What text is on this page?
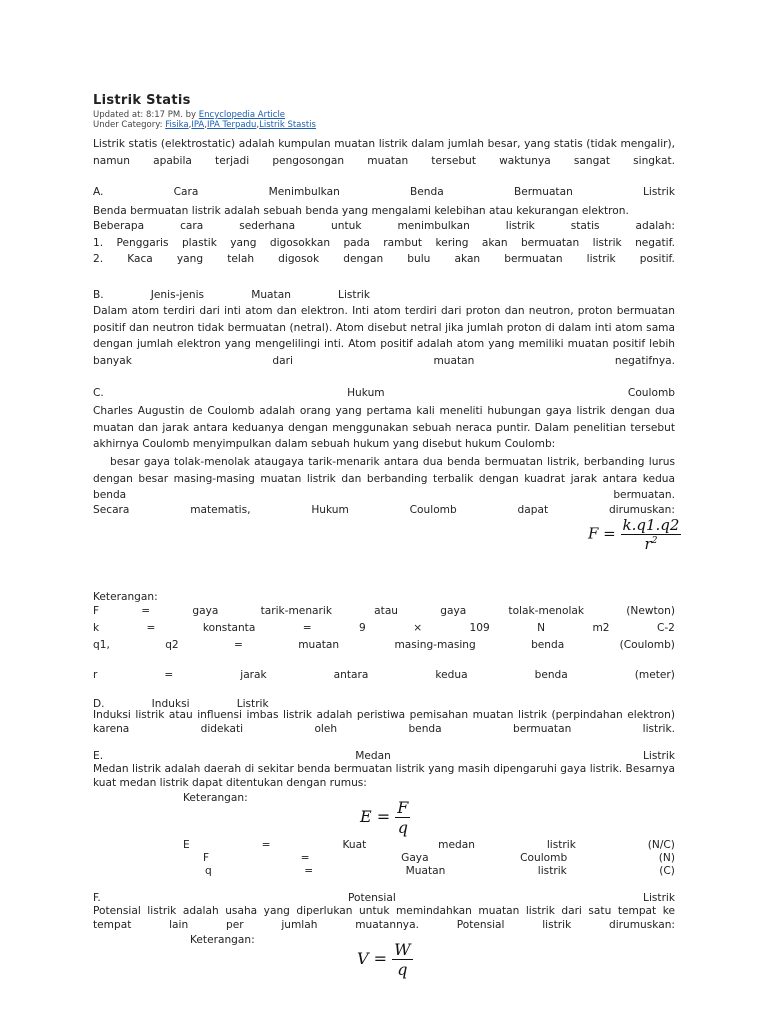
Listrik Statis
Updated at: 8:17 PM. by Encyclopedia Article
Under Category: Fisika,IPA,IPA Terpadu,Listrik Stastis
Listrik statis (elektrostatic) adalah kumpulan muatan listrik dalam jumlah besar, yang statis (tidak mengalir), namun apabila terjadi pengosongan muatan tersebut waktunya sangat singkat.
A.	Cara	Menimbulkan	Benda	Bermuatan	Listrik
Benda bermuatan listrik adalah sebuah benda yang mengalami kelebihan atau kekurangan elektron.
Beberapa	cara	sederhana	untuk	menimbulkan	listrik	statis	adalah:
1. Penggaris plastik yang digosokkan pada rambut kering akan bermuatan listrik negatif.
2. Kaca yang telah digosok dengan bulu akan bermuatan listrik positif.
B.              Jenis-jenis              Muatan              Listrik
Dalam atom terdiri dari inti atom dan elektron. Inti atom terdiri dari proton dan neutron, proton bermuatan positif dan neutron tidak bermuatan (netral). Atom disebut netral jika jumlah proton di dalam inti atom sama dengan jumlah elektron yang mengelilingi inti. Atom positif adalah atom yang memiliki muatan positif lebih banyak dari muatan negatifnya.
C.	Hukum	Coulomb
Charles Augustin de Coulomb adalah orang yang pertama kali meneliti hubungan gaya listrik dengan dua muatan dan jarak antara keduanya dengan menggunakan sebuah neraca puntir. Dalam penelitian tersebut akhirnya Coulomb menyimpulkan dalam sebuah hukum yang disebut hukum Coulomb:
besar gaya tolak-menolak ataugaya tarik-menarik antara dua benda bermuatan listrik, berbanding lurus dengan besar masing-masing muatan listrik dan berbanding terbalik dengan kuadrat jarak antara kedua benda bermuatan.
Secara	matematis,	Hukum	Coulomb	dapat	dirumuskan:
$F = \frac{k.q1.q2}{r^2}$
Keterangan:
F	=	gaya	tarik-menarik	atau	gaya	tolak-menolak	(Newton)
k	=	konstanta	=	9	×	109	N	m2	C-2
q1,	q2	=	muatan	masing-masing	benda	(Coulomb)
r	=	jarak	antara	kedua	benda	(meter)
D.              Induksi              Listrik
Induksi listrik atau influensi imbas listrik adalah peristiwa pemisahan muatan listrik (perpindahan elektron) karena didekati oleh benda bermuatan listrik.
E.	Medan	Listrik
Medan listrik adalah daerah di sekitar benda bermuatan listrik yang masih dipengaruhi gaya listrik. Besarnya kuat medan listrik dapat ditentukan dengan rumus:
Keterangan:
$E = \frac{F}{q}$
E	=	Kuat	medan	listrik	(N/C)
F	=	Gaya	Coulomb	(N)
q	=	Muatan	listrik	(C)
F.	Potensial	Listrik
Potensial listrik adalah usaha yang diperlukan untuk memindahkan muatan listrik dari satu tempat ke tempat lain per jumlah muatannya. Potensial listrik dirumuskan:
Keterangan:
$V = \frac{W}{q}$
